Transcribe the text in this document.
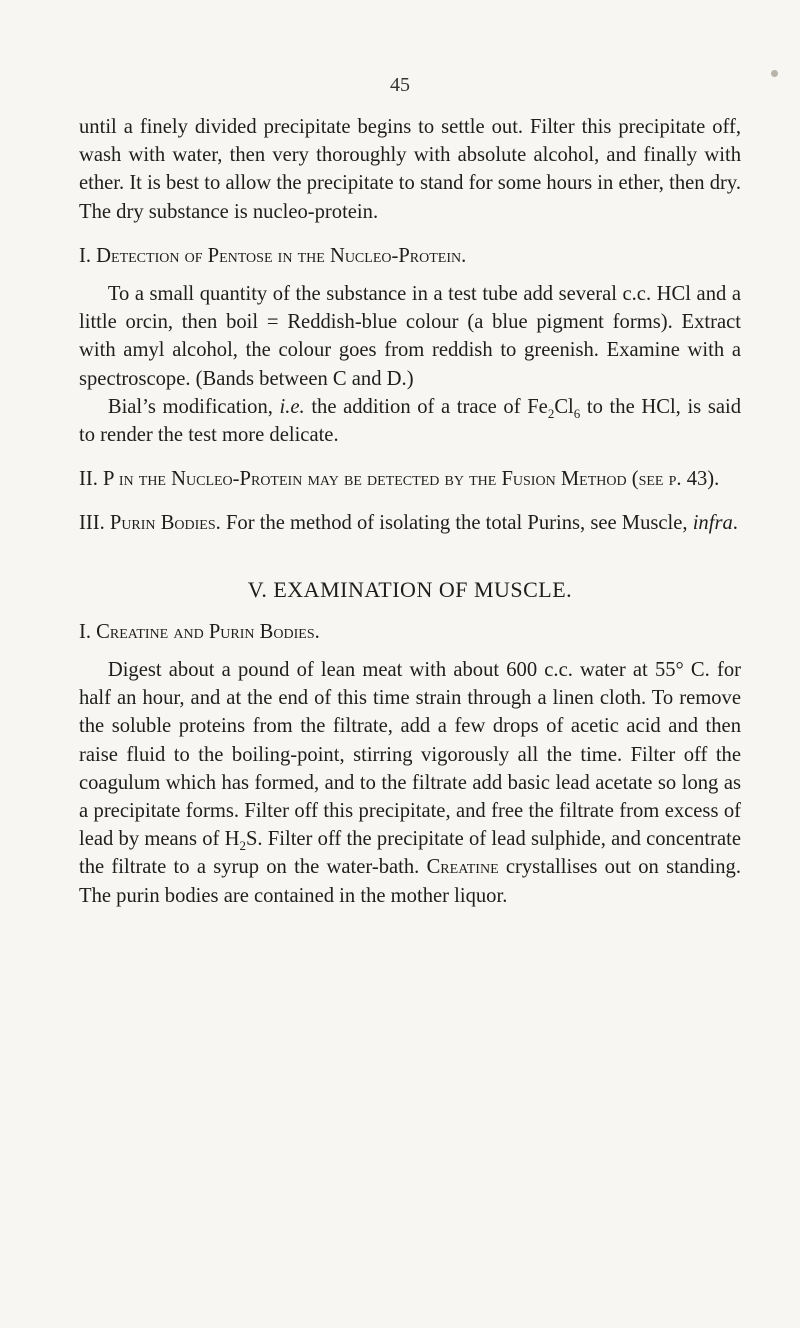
45

until a finely divided precipitate begins to settle out. Filter this precipitate off, wash with water, then very thoroughly with absolute alcohol, and finally with ether. It is best to allow the precipitate to stand for some hours in ether, then dry. The dry substance is nucleo-protein.

I. Detection of Pentose in the Nucleo-Protein.

To a small quantity of the substance in a test tube add several c.c. HCl and a little orcin, then boil = Reddish-blue colour (a blue pigment forms). Extract with amyl alcohol, the colour goes from reddish to greenish. Examine with a spectroscope. (Bands between C and D.)

Bial’s modification, i.e. the addition of a trace of $Fe_2Cl_6$ to the HCl, is said to render the test more delicate.

II. P in the Nucleo-Protein may be detected by the Fusion Method (see p. 43).

III. Purin Bodies. For the method of isolating the total Purins, see Muscle, infra.

V. EXAMINATION OF MUSCLE.

I. Creatine and Purin Bodies.

Digest about a pound of lean meat with about 600 c.c. water at 55° C. for half an hour, and at the end of this time strain through a linen cloth. To remove the soluble proteins from the filtrate, add a few drops of acetic acid and then raise fluid to the boiling-point, stirring vigorously all the time. Filter off the coagulum which has formed, and to the filtrate add basic lead acetate so long as a precipitate forms. Filter off this precipitate, and free the filtrate from excess of lead by means of $H_2S$. Filter off the precipitate of lead sulphide, and concentrate the filtrate to a syrup on the water-bath. Creatine crystallises out on standing. The purin bodies are contained in the mother liquor.
